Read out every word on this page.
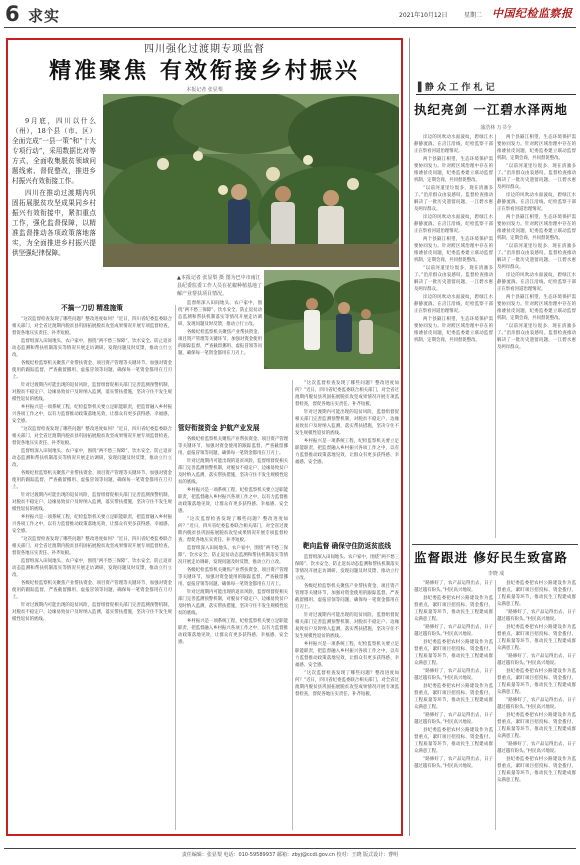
6 求实	2021年10月12日	星期二 中国纪检监察报
四川强化过渡期专项监督
精准聚焦 有效衔接乡村振兴
本报记者 张显梨

9月底，四川以什么（州），18个县（市、区）全面完成“一县一策”和“十大专项行动”，采用数据比对等方式，全面收集脱贫领域问题线索、督促整改，推进乡村振兴有效衔接工作。

四川在推动过渡期内巩固拓展脱贫攻坚成果同乡村振兴有效衔接中，紧扣重点工作，强化监督保障，以精准监督推动各项政策落地落实，为全面推进乡村振兴提供坚强纪律保障。

▲本报记者 张显梨 摄 图为巴中市南江县纪委监委工作人员在花椒种植基地了解产业帮扶项目情况。
不搞一刀切 精准施策

“这次监督检查发现了哪些问题？整改进度如何？”近日，四川省纪委监委联合相关部门，对全省过渡期内脱贫县巩固拓展脱贫攻坚成果情况开展专项监督检查，督促各地压实责任、补齐短板。

监督组深入田间地头、农户家中，围绕“两不愁三保障”、饮水安全、防止返贫动态监测和帮扶机制落实等情况开展走访调研，发现问题及时反馈，推动立行立改。

各级纪检监察机关聚焦产业帮扶资金、项目资产管理等关键环节，加强对资金使用的跟踪监督，严查截留挪用、虚报冒领等问题，确保每一笔资金都用在刀刃上。

针对过渡期内可能出现的返贫风险，监督组督促相关部门完善监测预警机制，对脱贫不稳定户、边缘易致贫户及时纳入监测，落实帮扶措施，坚决守住不发生规模性返贫的底线。

乡村振兴是一项系统工程，纪检监察机关要立足职能职责，把监督融入乡村振兴各项工作之中，以有力监督推动政策落地见效，让群众有更多获得感、幸福感、安全感。

“这次监督检查发现了哪些问题？整改进度如何？”近日，四川省纪委监委联合相关部门，对全省过渡期内脱贫县巩固拓展脱贫攻坚成果情况开展专项监督检查，督促各地压实责任、补齐短板。

监督组深入田间地头、农户家中，围绕“两不愁三保障”、饮水安全、防止返贫动态监测和帮扶机制落实等情况开展走访调研，发现问题及时反馈，推动立行立改。

各级纪检监察机关聚焦产业帮扶资金、项目资产管理等关键环节，加强对资金使用的跟踪监督，严查截留挪用、虚报冒领等问题，确保每一笔资金都用在刀刃上。

针对过渡期内可能出现的返贫风险，监督组督促相关部门完善监测预警机制，对脱贫不稳定户、边缘易致贫户及时纳入监测，落实帮扶措施，坚决守住不发生规模性返贫的底线。

乡村振兴是一项系统工程，纪检监察机关要立足职能职责，把监督融入乡村振兴各项工作之中，以有力监督推动政策落地见效，让群众有更多获得感、幸福感、安全感。

“这次监督检查发现了哪些问题？整改进度如何？”近日，四川省纪委监委联合相关部门，对全省过渡期内脱贫县巩固拓展脱贫攻坚成果情况开展专项监督检查，督促各地压实责任、补齐短板。

监督组深入田间地头、农户家中，围绕“两不愁三保障”、饮水安全、防止返贫动态监测和帮扶机制落实等情况开展走访调研，发现问题及时反馈，推动立行立改。

各级纪检监察机关聚焦产业帮扶资金、项目资产管理等关键环节，加强对资金使用的跟踪监督，严查截留挪用、虚报冒领等问题，确保每一笔资金都用在刀刃上。

针对过渡期内可能出现的返贫风险，监督组督促相关部门完善监测预警机制，对脱贫不稳定户、边缘易致贫户及时纳入监测，落实帮扶措施，坚决守住不发生规模性返贫的底线。

监督组深入田间地头、农户家中，围绕“两不愁三保障”、饮水安全、防止返贫动态监测和帮扶机制落实等情况开展走访调研，发现问题及时反馈，推动立行立改。

各级纪检监察机关聚焦产业帮扶资金、项目资产管理等关键环节，加强对资金使用的跟踪监督，严查截留挪用、虚报冒领等问题，确保每一笔资金都用在刀刃上。

管好衔接资金 护航产业发展

各级纪检监察机关聚焦产业帮扶资金、项目资产管理等关键环节，加强对资金使用的跟踪监督，严查截留挪用、虚报冒领等问题，确保每一笔资金都用在刀刃上。

针对过渡期内可能出现的返贫风险，监督组督促相关部门完善监测预警机制，对脱贫不稳定户、边缘易致贫户及时纳入监测，落实帮扶措施，坚决守住不发生规模性返贫的底线。

乡村振兴是一项系统工程，纪检监察机关要立足职能职责，把监督融入乡村振兴各项工作之中，以有力监督推动政策落地见效，让群众有更多获得感、幸福感、安全感。

“这次监督检查发现了哪些问题？整改进度如何？”近日，四川省纪委监委联合相关部门，对全省过渡期内脱贫县巩固拓展脱贫攻坚成果情况开展专项监督检查，督促各地压实责任、补齐短板。

监督组深入田间地头、农户家中，围绕“两不愁三保障”、饮水安全、防止返贫动态监测和帮扶机制落实等情况开展走访调研，发现问题及时反馈，推动立行立改。

各级纪检监察机关聚焦产业帮扶资金、项目资产管理等关键环节，加强对资金使用的跟踪监督，严查截留挪用、虚报冒领等问题，确保每一笔资金都用在刀刃上。

针对过渡期内可能出现的返贫风险，监督组督促相关部门完善监测预警机制，对脱贫不稳定户、边缘易致贫户及时纳入监测，落实帮扶措施，坚决守住不发生规模性返贫的底线。

乡村振兴是一项系统工程，纪检监察机关要立足职能职责，把监督融入乡村振兴各项工作之中，以有力监督推动政策落地见效，让群众有更多获得感、幸福感、安全感。

“这次监督检查发现了哪些问题？整改进度如何？”近日，四川省纪委监委联合相关部门，对全省过渡期内脱贫县巩固拓展脱贫攻坚成果情况开展专项监督检查，督促各地压实责任、补齐短板。

针对过渡期内可能出现的返贫风险，监督组督促相关部门完善监测预警机制，对脱贫不稳定户、边缘易致贫户及时纳入监测，落实帮扶措施，坚决守住不发生规模性返贫的底线。

乡村振兴是一项系统工程，纪检监察机关要立足职能职责，把监督融入乡村振兴各项工作之中，以有力监督推动政策落地见效，让群众有更多获得感、幸福感、安全感。

靶向监督 确保守住防返贫底线

监督组深入田间地头、农户家中，围绕“两不愁三保障”、饮水安全、防止返贫动态监测和帮扶机制落实等情况开展走访调研，发现问题及时反馈，推动立行立改。

各级纪检监察机关聚焦产业帮扶资金、项目资产管理等关键环节，加强对资金使用的跟踪监督，严查截留挪用、虚报冒领等问题，确保每一笔资金都用在刀刃上。

针对过渡期内可能出现的返贫风险，监督组督促相关部门完善监测预警机制，对脱贫不稳定户、边缘易致贫户及时纳入监测，落实帮扶措施，坚决守住不发生规模性返贫的底线。

乡村振兴是一项系统工程，纪检监察机关要立足职能职责，把监督融入乡村振兴各项工作之中，以有力监督推动政策落地见效，让群众有更多获得感、幸福感、安全感。

“这次监督检查发现了哪些问题？整改进度如何？”近日，四川省纪委监委联合相关部门，对全省过渡期内脱贫县巩固拓展脱贫攻坚成果情况开展专项监督检查，督促各地压实责任、补齐短板。

▌静 众 工 作 札 记
执纪亮剑 一江碧水泽两地
蒲浩林 万书全

岸边的风吹动水面波纹，碧绿江水静静流淌。在涪江沿线，纪检监察干部正在察看河道治理情况。

两个县隔江相望，生态环境保护需要协同发力。针对跨区域治理中存在的推诿扯皮问题，纪委监委建立联动监督机制，定期会商，共同督促整改。

“以前河道里垃圾多，现在清澈多了。”沿岸群众由衷感叹。监督检查推动解决了一批历史遗留问题，一江碧水惠及两岸群众。

岸边的风吹动水面波纹，碧绿江水静静流淌。在涪江沿线，纪检监察干部正在察看河道治理情况。

两个县隔江相望，生态环境保护需要协同发力。针对跨区域治理中存在的推诿扯皮问题，纪委监委建立联动监督机制，定期会商，共同督促整改。

“以前河道里垃圾多，现在清澈多了。”沿岸群众由衷感叹。监督检查推动解决了一批历史遗留问题，一江碧水惠及两岸群众。

岸边的风吹动水面波纹，碧绿江水静静流淌。在涪江沿线，纪检监察干部正在察看河道治理情况。

两个县隔江相望，生态环境保护需要协同发力。针对跨区域治理中存在的推诿扯皮问题，纪委监委建立联动监督机制，定期会商，共同督促整改。

两个县隔江相望，生态环境保护需要协同发力。针对跨区域治理中存在的推诿扯皮问题，纪委监委建立联动监督机制，定期会商，共同督促整改。

“以前河道里垃圾多，现在清澈多了。”沿岸群众由衷感叹。监督检查推动解决了一批历史遗留问题，一江碧水惠及两岸群众。

岸边的风吹动水面波纹，碧绿江水静静流淌。在涪江沿线，纪检监察干部正在察看河道治理情况。

两个县隔江相望，生态环境保护需要协同发力。针对跨区域治理中存在的推诿扯皮问题，纪委监委建立联动监督机制，定期会商，共同督促整改。

“以前河道里垃圾多，现在清澈多了。”沿岸群众由衷感叹。监督检查推动解决了一批历史遗留问题，一江碧水惠及两岸群众。

岸边的风吹动水面波纹，碧绿江水静静流淌。在涪江沿线，纪检监察干部正在察看河道治理情况。

两个县隔江相望，生态环境保护需要协同发力。针对跨区域治理中存在的推诿扯皮问题，纪委监委建立联动监督机制，定期会商，共同督促整改。

“以前河道里垃圾多，现在清澈多了。”沿岸群众由衷感叹。监督检查推动解决了一批历史遗留问题，一江碧水惠及两岸群众。

监督跟进 修好民生致富路
李晓 成

“路修好了，农产品运得出去，日子越过越有盼头。”村民高兴地说。

县纪委监委把农村公路建设作为监督重点，紧盯项目招投标、资金拨付、工程质量等环节，推动民生工程建成群众满意工程。

“路修好了，农产品运得出去，日子越过越有盼头。”村民高兴地说。

县纪委监委把农村公路建设作为监督重点，紧盯项目招投标、资金拨付、工程质量等环节，推动民生工程建成群众满意工程。

“路修好了，农产品运得出去，日子越过越有盼头。”村民高兴地说。

县纪委监委把农村公路建设作为监督重点，紧盯项目招投标、资金拨付、工程质量等环节，推动民生工程建成群众满意工程。

“路修好了，农产品运得出去，日子越过越有盼头。”村民高兴地说。

县纪委监委把农村公路建设作为监督重点，紧盯项目招投标、资金拨付、工程质量等环节，推动民生工程建成群众满意工程。

“路修好了，农产品运得出去，日子越过越有盼头。”村民高兴地说。

县纪委监委把农村公路建设作为监督重点，紧盯项目招投标、资金拨付、工程质量等环节，推动民生工程建成群众满意工程。

“路修好了，农产品运得出去，日子越过越有盼头。”村民高兴地说。

县纪委监委把农村公路建设作为监督重点，紧盯项目招投标、资金拨付、工程质量等环节，推动民生工程建成群众满意工程。

“路修好了，农产品运得出去，日子越过越有盼头。”村民高兴地说。

县纪委监委把农村公路建设作为监督重点，紧盯项目招投标、资金拨付、工程质量等环节，推动民生工程建成群众满意工程。

“路修好了，农产品运得出去，日子越过越有盼头。”村民高兴地说。

县纪委监委把农村公路建设作为监督重点，紧盯项目招投标、资金拨付、工程质量等环节，推动民生工程建成群众满意工程。

“路修好了，农产品运得出去，日子越过越有盼头。”村民高兴地说。

县纪委监委把农村公路建设作为监督重点，紧盯项目招投标、资金拨付、工程质量等环节，推动民生工程建成群众满意工程。

责任编辑：张显梨 电话：010-59589937 邮箱：zbyj@ccdi.gov.cn 校对：王晓 版式设计：曹明
